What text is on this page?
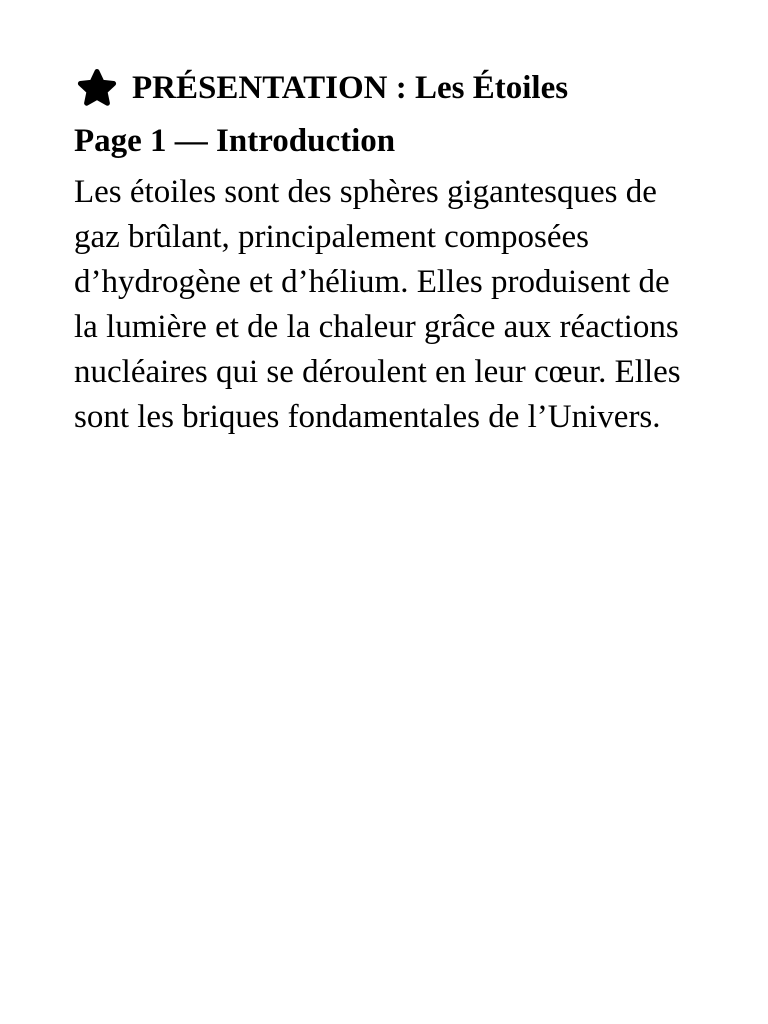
PRÉSENTATION : Les Étoiles
Page 1 — Introduction
Les étoiles sont des sphères gigantesques de gaz brûlant, principalement composées d’hydrogène et d’hélium. Elles produisent de la lumière et de la chaleur grâce aux réactions nucléaires qui se déroulent en leur cœur. Elles sont les briques fondamentales de l’Univers.
